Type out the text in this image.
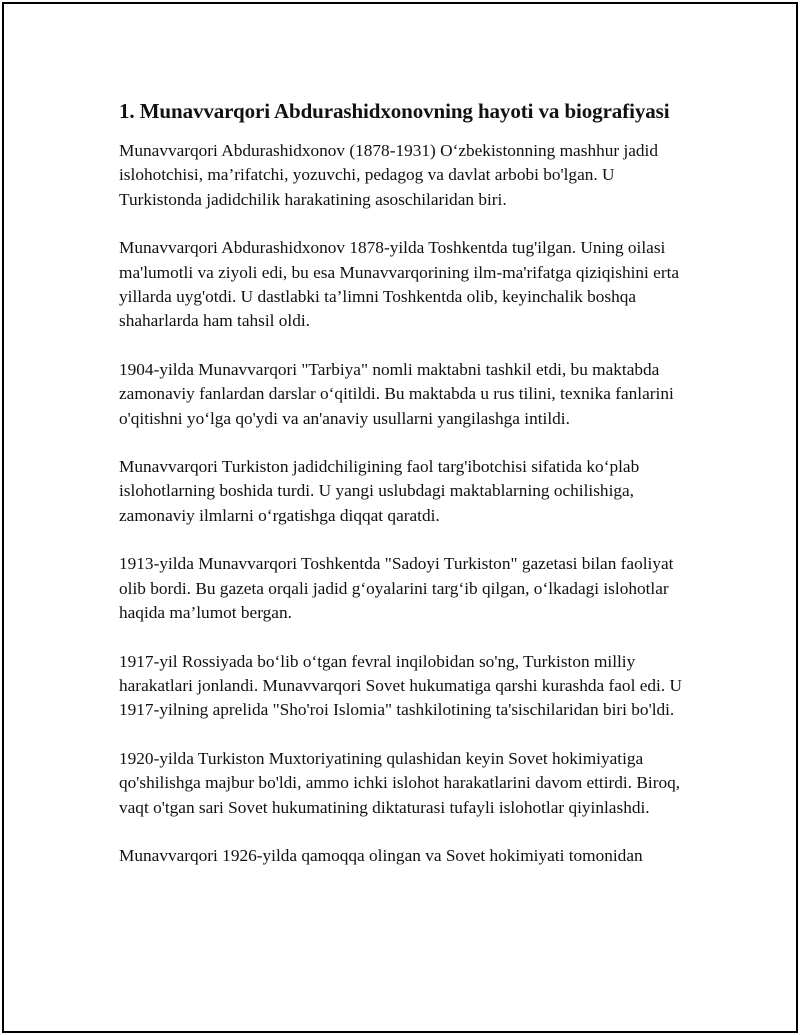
1. Munavvarqori Abdurashidxonovning hayoti va biografiyasi

Munavvarqori Abdurashidxonov (1878-1931) O‘zbekistonning mashhur jadid islohotchisi, ma’rifatchi, yozuvchi, pedagog va davlat arbobi bo'lgan. U Turkistonda jadidchilik harakatining asoschilaridan biri.

Munavvarqori Abdurashidxonov 1878-yilda Toshkentda tug'ilgan. Uning oilasi ma'lumotli va ziyoli edi, bu esa Munavvarqorining ilm-ma'rifatga qiziqishini erta yillarda uyg'otdi. U dastlabki ta’limni Toshkentda olib, keyinchalik boshqa shaharlarda ham tahsil oldi.

1904-yilda Munavvarqori "Tarbiya" nomli maktabni tashkil etdi, bu maktabda zamonaviy fanlardan darslar o‘qitildi. Bu maktabda u rus tilini, texnika fanlarini o'qitishni yo‘lga qo'ydi va an'anaviy usullarni yangilashga intildi.

Munavvarqori Turkiston jadidchiligining faol targ'ibotchisi sifatida ko‘plab islohotlarning boshida turdi. U yangi uslubdagi maktablarning ochilishiga, zamonaviy ilmlarni o‘rgatishga diqqat qaratdi.

1913-yilda Munavvarqori Toshkentda "Sadoyi Turkiston" gazetasi bilan faoliyat olib bordi. Bu gazeta orqali jadid g‘oyalarini targ‘ib qilgan, o‘lkadagi islohotlar haqida ma’lumot bergan.

1917-yil Rossiyada bo‘lib o‘tgan fevral inqilobidan so'ng, Turkiston milliy harakatlari jonlandi. Munavvarqori Sovet hukumatiga qarshi kurashda faol edi. U 1917-yilning aprelida "Sho'roi Islomia" tashkilotining ta'sischilaridan biri bo'ldi.

1920-yilda Turkiston Muxtoriyatining qulashidan keyin Sovet hokimiyatiga qo'shilishga majbur bo'ldi, ammo ichki islohot harakatlarini davom ettirdi. Biroq, vaqt o'tgan sari Sovet hukumatining diktaturasi tufayli islohotlar qiyinlashdi.

Munavvarqori 1926-yilda qamoqqa olingan va Sovet hokimiyati tomonidan
